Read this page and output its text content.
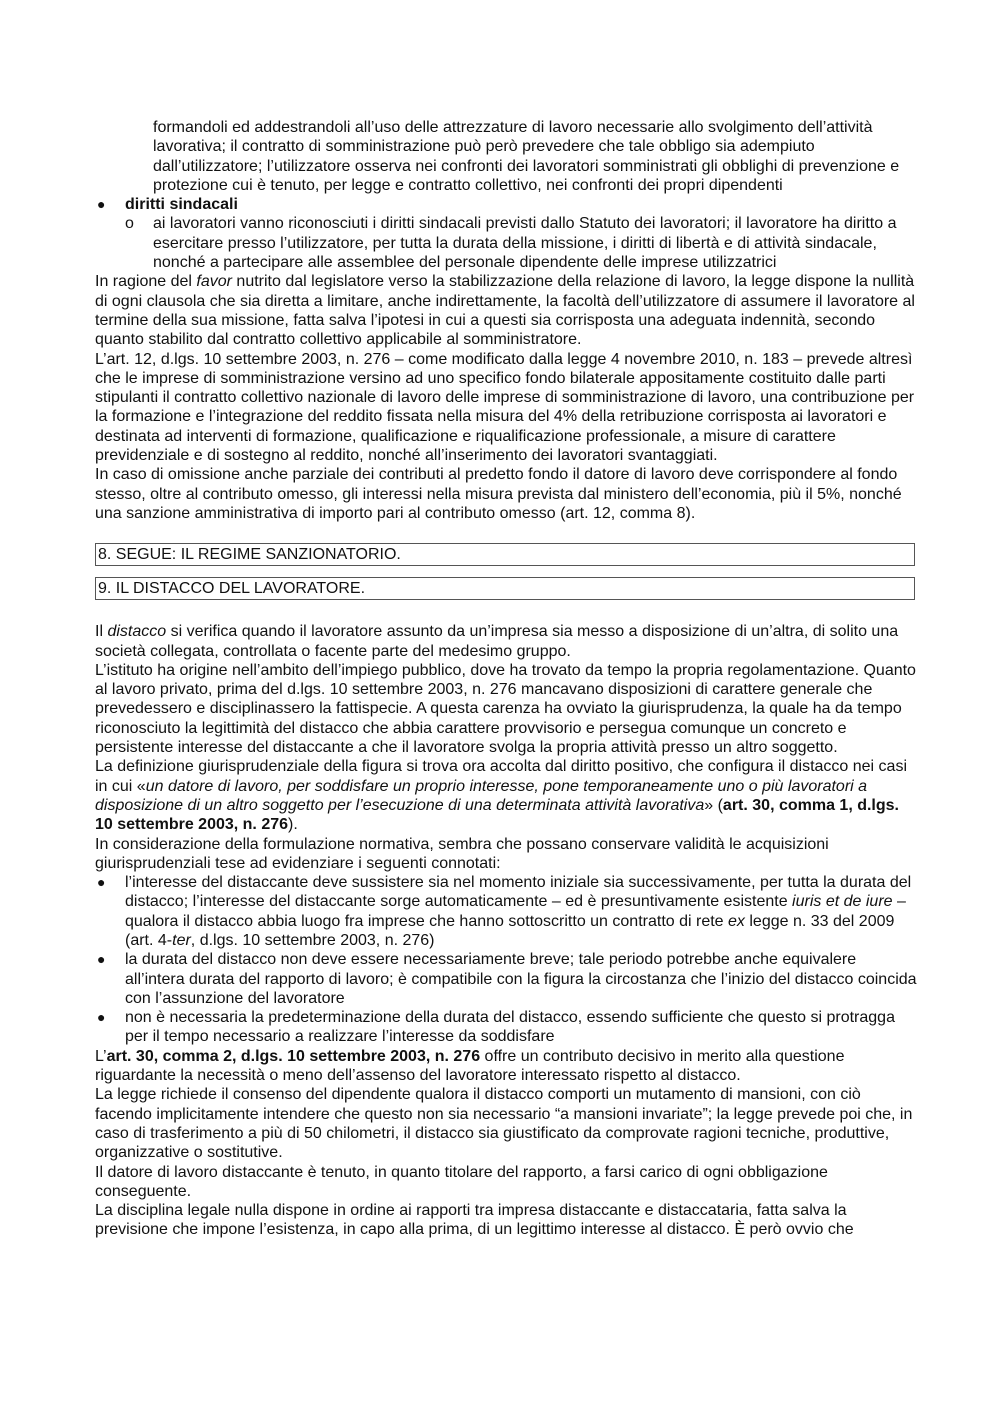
formandoli ed addestrandoli all’uso delle attrezzature di lavoro necessarie allo svolgimento dell’attività lavorativa; il contratto di somministrazione può però prevedere che tale obbligo sia adempiuto dall’utilizzatore; l’utilizzatore osserva nei confronti dei lavoratori somministrati gli obblighi di prevenzione e protezione cui è tenuto, per legge e contratto collettivo, nei confronti dei propri dipendenti

● diritti sindacali
o ai lavoratori vanno riconosciuti i diritti sindacali previsti dallo Statuto dei lavoratori; il lavoratore ha diritto a esercitare presso l’utilizzatore, per tutta la durata della missione, i diritti di libertà e di attività sindacale, nonché a partecipare alle assemblee del personale dipendente delle imprese utilizzatrici

In ragione del favor nutrito dal legislatore verso la stabilizzazione della relazione di lavoro, la legge dispone la nullità di ogni clausola che sia diretta a limitare, anche indirettamente, la facoltà dell’utilizzatore di assumere il lavoratore al termine della sua missione, fatta salva l’ipotesi in cui a questi sia corrisposta una adeguata indennità, secondo quanto stabilito dal contratto collettivo applicabile al somministratore.

L’art. 12, d.lgs. 10 settembre 2003, n. 276 – come modificato dalla legge 4 novembre 2010, n. 183 – prevede altresì che le imprese di somministrazione versino ad uno specifico fondo bilaterale appositamente costituito dalle parti stipulanti il contratto collettivo nazionale di lavoro delle imprese di somministrazione di lavoro, una contribuzione per la formazione e l’integrazione del reddito fissata nella misura del 4% della retribuzione corrisposta ai lavoratori e destinata ad interventi di formazione, qualificazione e riqualificazione professionale, a misure di carattere previdenziale e di sostegno al reddito, nonché all’inserimento dei lavoratori svantaggiati.

In caso di omissione anche parziale dei contributi al predetto fondo il datore di lavoro deve corrispondere al fondo stesso, oltre al contributo omesso, gli interessi nella misura prevista dal ministero dell’economia, più il 5%, nonché una sanzione amministrativa di importo pari al contributo omesso (art. 12, comma 8).

8. SEGUE: IL REGIME SANZIONATORIO.
9. IL DISTACCO DEL LAVORATORE.

Il distacco si verifica quando il lavoratore assunto da un’impresa sia messo a disposizione di un’altra, di solito una società collegata, controllata o facente parte del medesimo gruppo.

L’istituto ha origine nell’ambito dell’impiego pubblico, dove ha trovato da tempo la propria regolamentazione. Quanto al lavoro privato, prima del d.lgs. 10 settembre 2003, n. 276 mancavano disposizioni di carattere generale che prevedessero e disciplinassero la fattispecie. A questa carenza ha ovviato la giurisprudenza, la quale ha da tempo riconosciuto la legittimità del distacco che abbia carattere provvisorio e persegua comunque un concreto e persistente interesse del distaccante a che il lavoratore svolga la propria attività presso un altro soggetto.

La definizione giurisprudenziale della figura si trova ora accolta dal diritto positivo, che configura il distacco nei casi in cui «un datore di lavoro, per soddisfare un proprio interesse, pone temporaneamente uno o più lavoratori a disposizione di un altro soggetto per l’esecuzione di una determinata attività lavorativa» (art. 30, comma 1, d.lgs. 10 settembre 2003, n. 276).

In considerazione della formulazione normativa, sembra che possano conservare validità le acquisizioni giurisprudenziali tese ad evidenziare i seguenti connotati:

● l’interesse del distaccante deve sussistere sia nel momento iniziale sia successivamente, per tutta la durata del distacco; l’interesse del distaccante sorge automaticamente – ed è presuntivamente esistente iuris et de iure – qualora il distacco abbia luogo fra imprese che hanno sottoscritto un contratto di rete ex legge n. 33 del 2009 (art. 4-ter, d.lgs. 10 settembre 2003, n. 276)
● la durata del distacco non deve essere necessariamente breve; tale periodo potrebbe anche equivalere all’intera durata del rapporto di lavoro; è compatibile con la figura la circostanza che l’inizio del distacco coincida con l’assunzione del lavoratore
● non è necessaria la predeterminazione della durata del distacco, essendo sufficiente che questo si protragga per il tempo necessario a realizzare l’interesse da soddisfare

L’art. 30, comma 2, d.lgs. 10 settembre 2003, n. 276 offre un contributo decisivo in merito alla questione riguardante la necessità o meno dell’assenso del lavoratore interessato rispetto al distacco.

La legge richiede il consenso del dipendente qualora il distacco comporti un mutamento di mansioni, con ciò facendo implicitamente intendere che questo non sia necessario “a mansioni invariate”; la legge prevede poi che, in caso di trasferimento a più di 50 chilometri, il distacco sia giustificato da comprovate ragioni tecniche, produttive, organizzative o sostitutive.

Il datore di lavoro distaccante è tenuto, in quanto titolare del rapporto, a farsi carico di ogni obbligazione conseguente.

La disciplina legale nulla dispone in ordine ai rapporti tra impresa distaccante e distaccataria, fatta salva la previsione che impone l’esistenza, in capo alla prima, di un legittimo interesse al distacco. È però ovvio che
